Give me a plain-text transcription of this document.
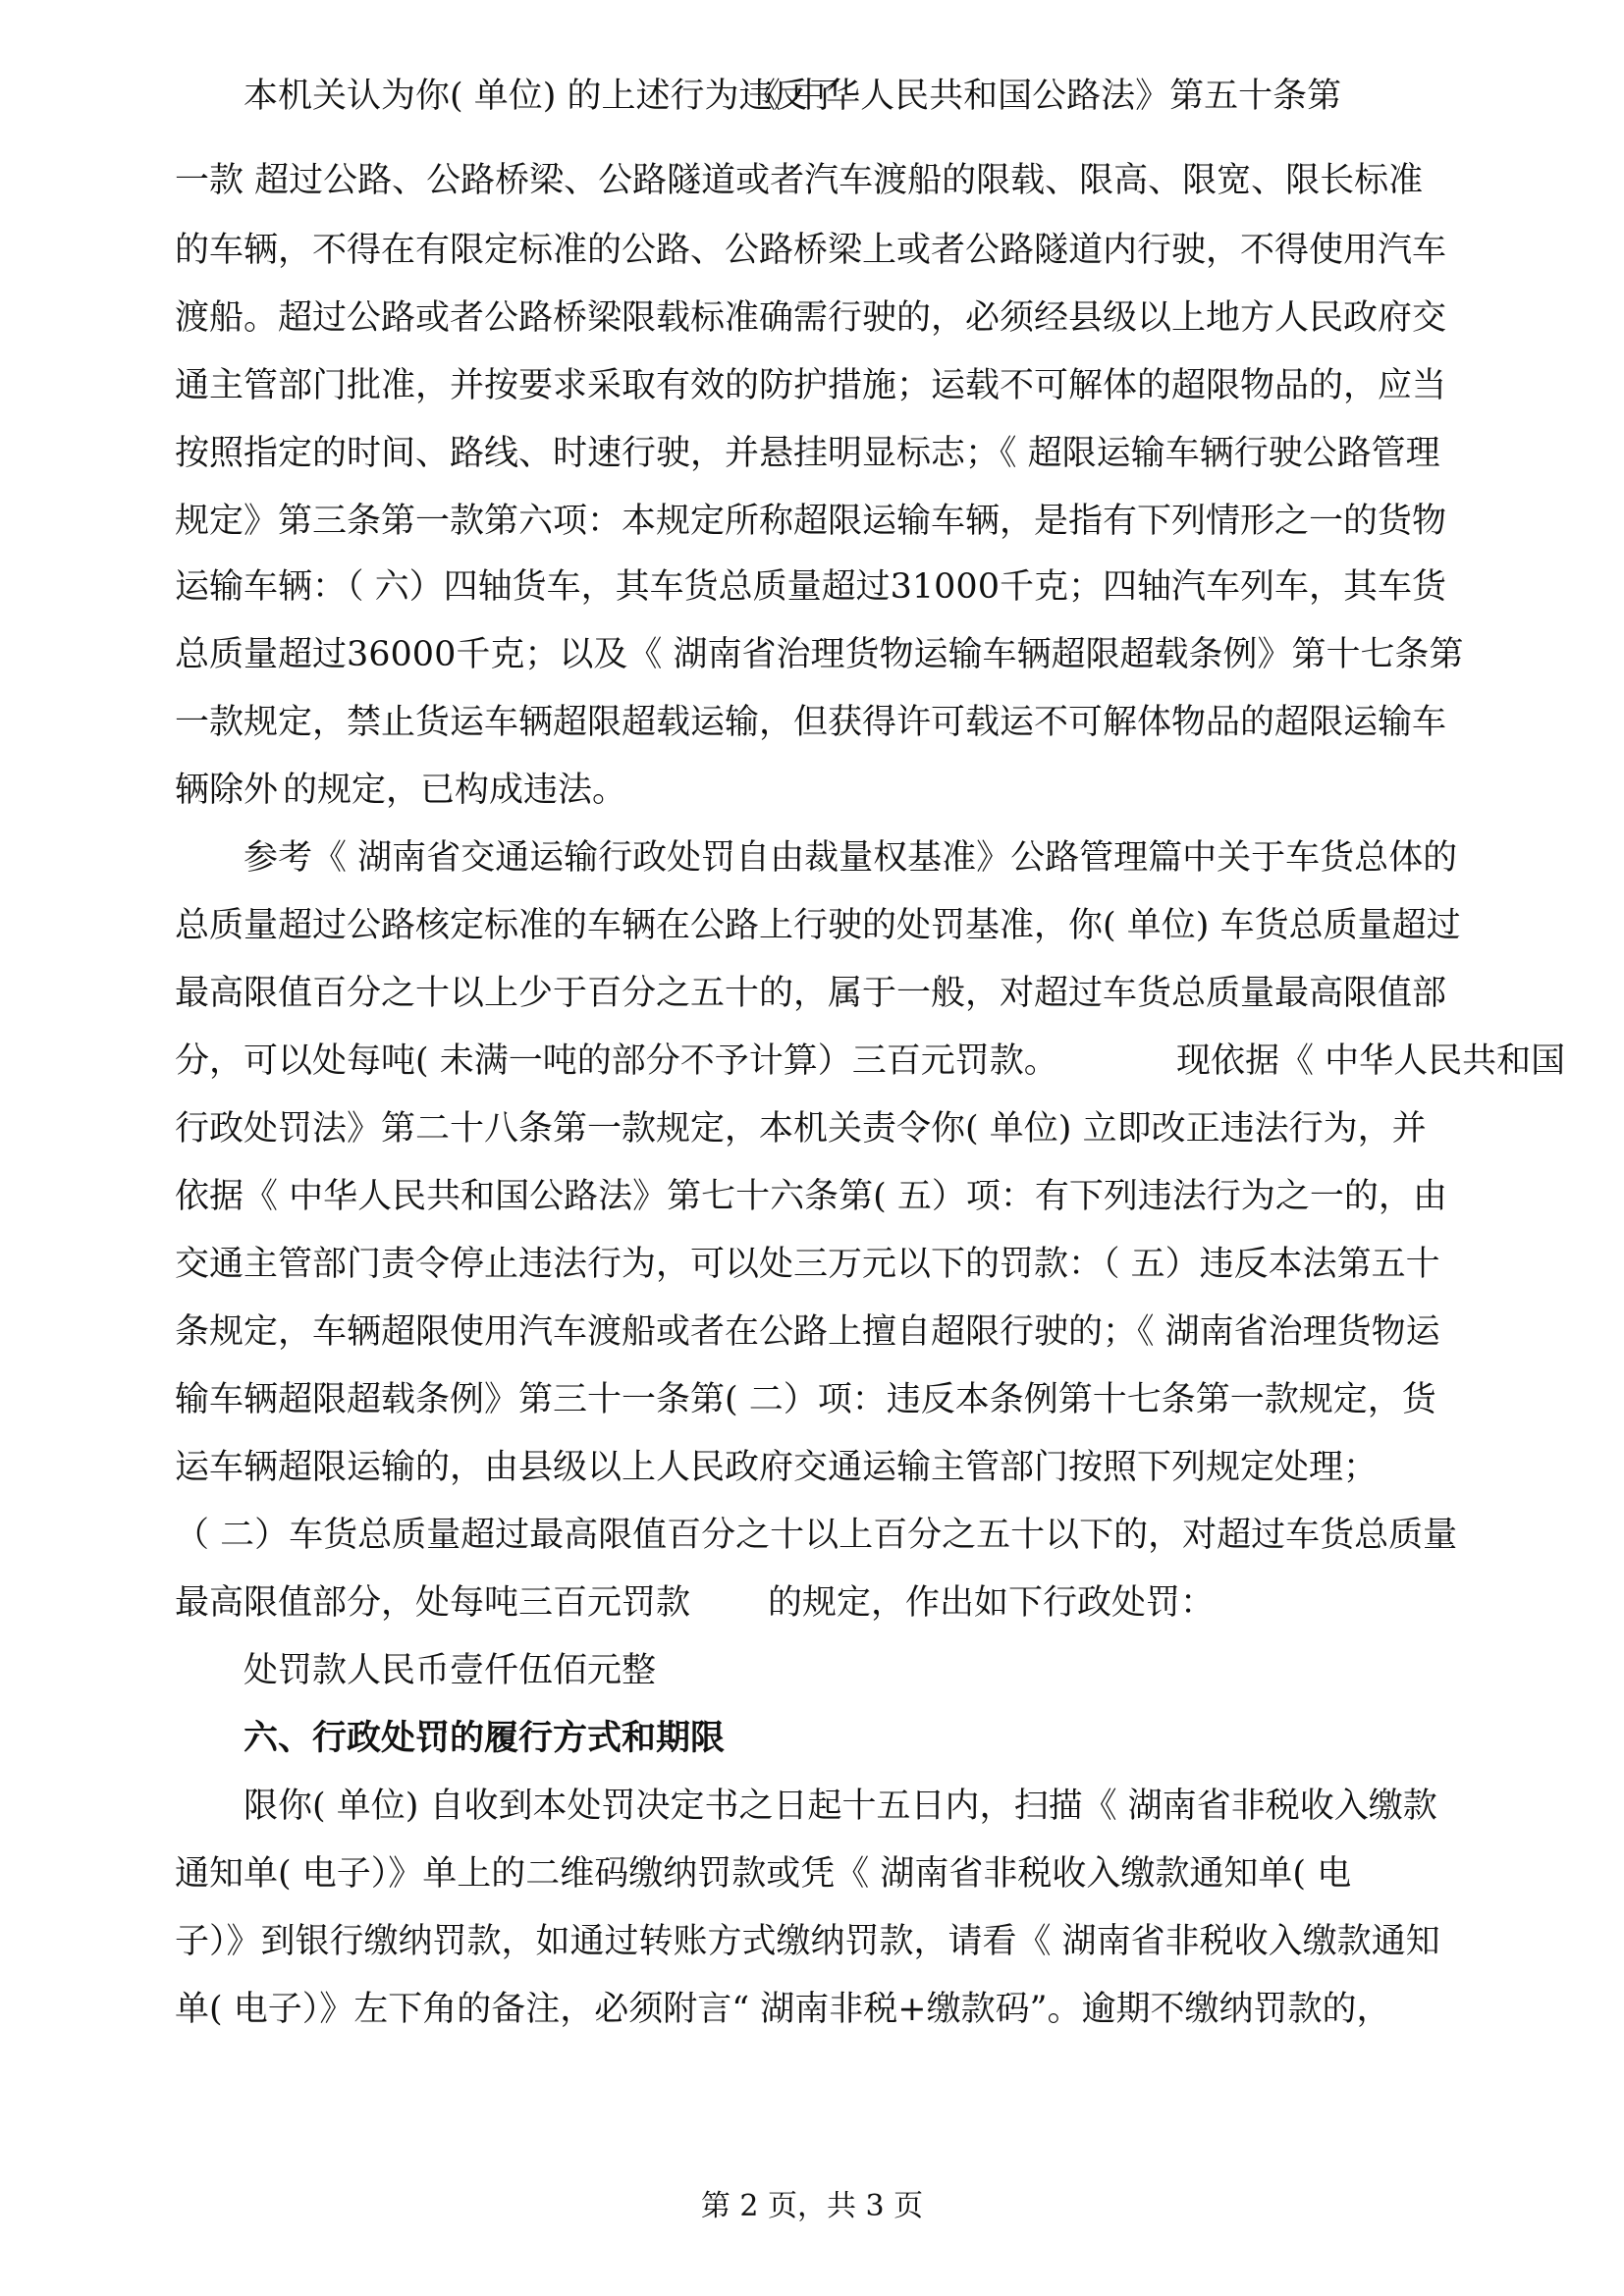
本机关认为你( 单位) 的上述行为违反了
《 中华人民共和国公路法》第五十条第
一款 超过公路、公路桥梁、公路隧道或者汽车渡船的限载、限高、限宽、限长标准
的车辆，不得在有限定标准的公路、公路桥梁上或者公路隧道内行驶，不得使用汽车
渡船。超过公路或者公路桥梁限载标准确需行驶的，必须经县级以上地方人民政府交
通主管部门批准，并按要求采取有效的防护措施；运载不可解体的超限物品的，应当
按照指定的时间、路线、时速行驶，并悬挂明显标志；《 超限运输车辆行驶公路管理
规定》第三条第一款第六项：本规定所称超限运输车辆，是指有下列情形之一的货物
运输车辆：（ 六）四轴货车，其车货总质量超过31000千克；四轴汽车列车，其车货
总质量超过36000千克；以及《 湖南省治理货物运输车辆超限超载条例》第十七条第
一款规定，禁止货运车辆超限超载运输，但获得许可载运不可解体物品的超限运输车
辆除外 的规定，已构成违法。
参考《 湖南省交通运输行政处罚自由裁量权基准》公路管理篇中关于车货总体的
总质量超过公路核定标准的车辆在公路上行驶的处罚基准，你( 单位) 车货总质量超过
最高限值百分之十以上少于百分之五十的，属于一般，对超过车货总质量最高限值部
分，可以处每吨( 未满一吨的部分不予计算）三百元罚款。	现依据《 中华人民共和国
行政处罚法》第二十八条第一款规定，本机关责令你( 单位) 立即改正违法行为，并
依据 《 中华人民共和国公路法》第七十六条第( 五）项：有下列违法行为之一的，由
交通主管部门责令停止违法行为，可以处三万元以下的罚款：（ 五）违反本法第五十
条规定，车辆超限使用汽车渡船或者在公路上擅自超限行驶的；《 湖南省治理货物运
输车辆超限超载条例》第三十一条第( 二）项：违反本条例第十七条第一款规定，货
运车辆超限运输的，由县级以上人民政府交通运输主管部门按照下列规定处理；
（ 二）车货总质量超过最高限值百分之十以上百分之五十以下的，对超过车货总质量
最高限值部分，处每吨三百元罚款 的规定，作出如下行政处罚：
处罚款人民币壹仟伍佰元整
六、行政处罚的履行方式和期限
限你( 单位) 自收到本处罚决定书之日起十五日内，扫描《 湖南省非税收入缴款
通知单( 电子）》单上的二维码缴纳罚款或凭《 湖南省非税收入缴款通知单( 电
子）》到银行缴纳罚款，如通过转账方式缴纳罚款，请看《 湖南省非税收入缴款通知
单( 电子）》左下角的备注，必须附言“ 湖南非税+缴款码”。逾期不缴纳罚款的，
第 2 页，共 3 页
